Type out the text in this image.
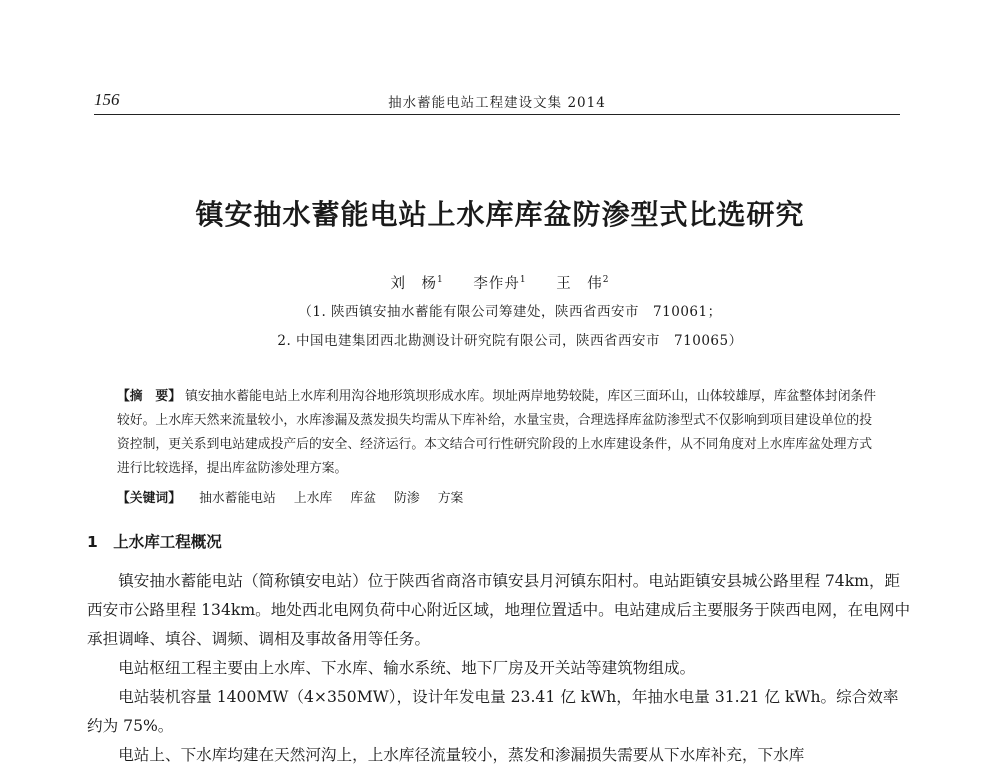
156	抽水蓄能电站工程建设文集 2014
镇安抽水蓄能电站上水库库盆防渗型式比选研究
刘　杨$^1$ 李作舟$^1$ 王　伟$^2$
（1. 陕西镇安抽水蓄能有限公司筹建处，陕西省西安市　710061；
2. 中国电建集团西北勘测设计研究院有限公司，陕西省西安市　710065）
【摘　要】 镇安抽水蓄能电站上水库利用沟谷地形筑坝形成水库。坝址两岸地势较陡，库区三面环山，山体较雄厚，库盆整体封闭条件较好。上水库天然来流量较小，水库渗漏及蒸发损失均需从下库补给，水量宝贵，合理选择库盆防渗型式不仅影响到项目建设单位的投资控制，更关系到电站建成投产后的安全、经济运行。本文结合可行性研究阶段的上水库建设条件，从不同角度对上水库库盆处理方式进行比较选择，提出库盆防渗处理方案。
【关键词】 抽水蓄能电站 上水库 库盆 防渗 方案
1　上水库工程概况

镇安抽水蓄能电站（简称镇安电站）位于陕西省商洛市镇安县月河镇东阳村。电站距镇安县城公路里程 74km，距西安市公路里程 134km。地处西北电网负荷中心附近区域，地理位置适中。电站建成后主要服务于陕西电网，在电网中承担调峰、填谷、调频、调相及事故备用等任务。

电站枢纽工程主要由上水库、下水库、输水系统、地下厂房及开关站等建筑物组成。

电站装机容量 1400MW（4×350MW），设计年发电量 23.41 亿 kWh，年抽水电量 31.21 亿 kWh。综合效率约为 75%。

电站上、下水库均建在天然河沟上，上水库径流量较小，蒸发和渗漏损失需要从下水库补充，下水库
